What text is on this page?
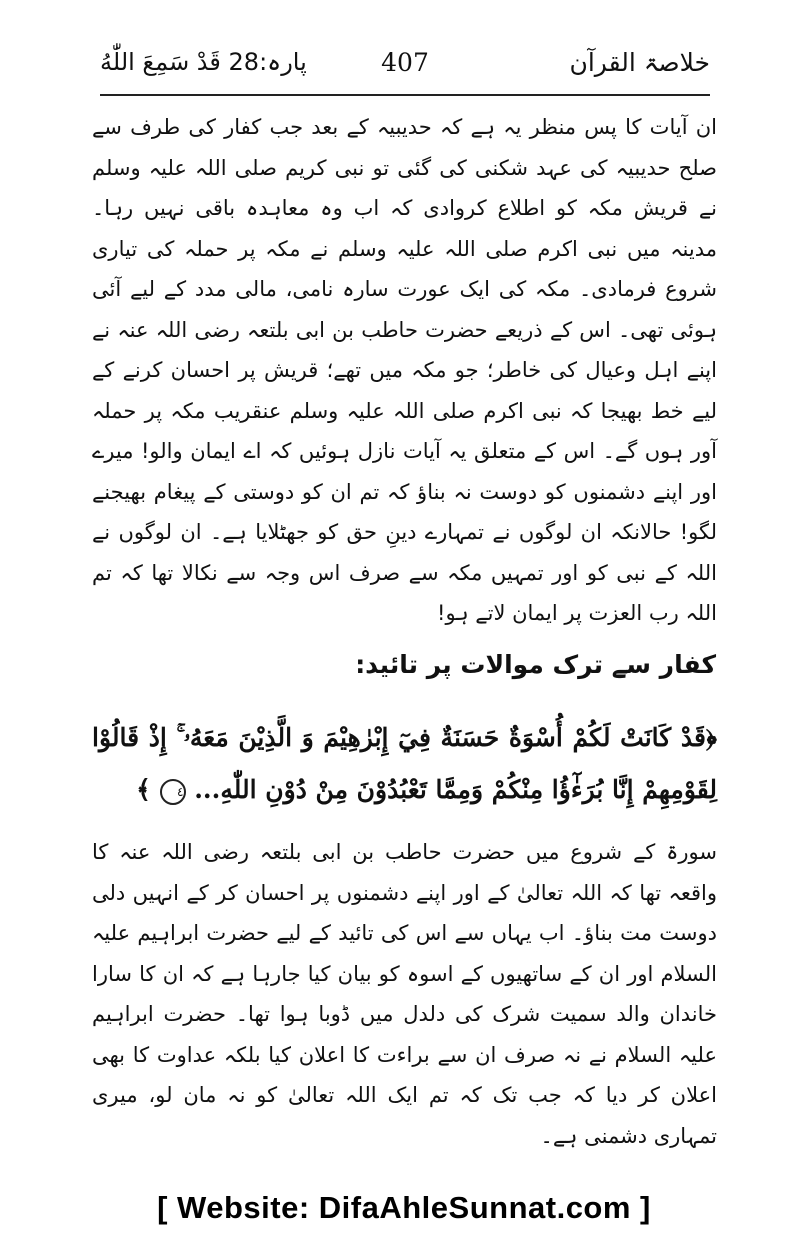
پارہ:28 قَدْ سَمِعَ اللّٰهُ	407	خلاصۃ القرآن
ان آیات کا پس منظر یہ ہے کہ حدیبیہ کے بعد جب کفار کی طرف سے صلح حدیبیہ کی عہد شکنی کی گئی تو نبی کریم صلی اللہ علیہ وسلم نے قریش مکہ کو اطلاع کروادی کہ اب وہ معاہدہ باقی نہیں رہا۔ مدینہ میں نبی اکرم صلی اللہ علیہ وسلم نے مکہ پر حملہ کی تیاری شروع فرمادی۔ مکہ کی ایک عورت سارہ نامی، مالی مدد کے لیے آئی ہوئی تھی۔ اس کے ذریعے حضرت حاطب بن ابی بلتعہ رضی اللہ عنہ نے اپنے اہل وعیال کی خاطر؛ جو مکہ میں تھے؛ قریش پر احسان کرنے کے لیے خط بھیجا کہ نبی اکرم صلی اللہ علیہ وسلم عنقریب مکہ پر حملہ آور ہوں گے۔ اس کے متعلق یہ آیات نازل ہوئیں کہ اے ایمان والو! میرے اور اپنے دشمنوں کو دوست نہ بناؤ کہ تم ان کو دوستی کے پیغام بھیجنے لگو! حالانکہ ان لوگوں نے تمہارے دینِ حق کو جھٹلایا ہے۔ ان لوگوں نے اللہ کے نبی کو اور تمہیں مکہ سے صرف اس وجہ سے نکالا تھا کہ تم اللہ رب العزت پر ایمان لاتے ہو!
کفار سے ترک موالات پر تائید:
﴿قَدْ كَانَتْ لَكُمْ أُسْوَةٌ حَسَنَةٌ فِيٓ إِبْرٰهِيْمَ وَ الَّذِيْنَ مَعَهُۥ ۚ إِذْ قَالُوْا لِقَوْمِهِمْ إِنَّا بُرَءٰٓؤُا مِنْكُمْ وَمِمَّا تَعْبُدُوْنَ مِنْ دُوْنِ اللّٰهِ... ٤ ﴾
سورۃ کے شروع میں حضرت حاطب بن ابی بلتعہ رضی اللہ عنہ کا واقعہ تھا کہ اللہ تعالیٰ کے اور اپنے دشمنوں پر احسان کر کے انہیں دلی دوست مت بناؤ۔ اب یہاں سے اس کی تائید کے لیے حضرت ابراہیم علیہ السلام اور ان کے ساتھیوں کے اسوہ کو بیان کیا جارہا ہے کہ ان کا سارا خاندان والد سمیت شرک کی دلدل میں ڈوبا ہوا تھا۔ حضرت ابراہیم علیہ السلام نے نہ صرف ان سے براءت کا اعلان کیا بلکہ عداوت کا بھی اعلان کر دیا کہ جب تک کہ تم ایک اللہ تعالیٰ کو نہ مان لو، میری تمہاری دشمنی ہے۔
[ Website: DifaAhleSunnat.com ]
